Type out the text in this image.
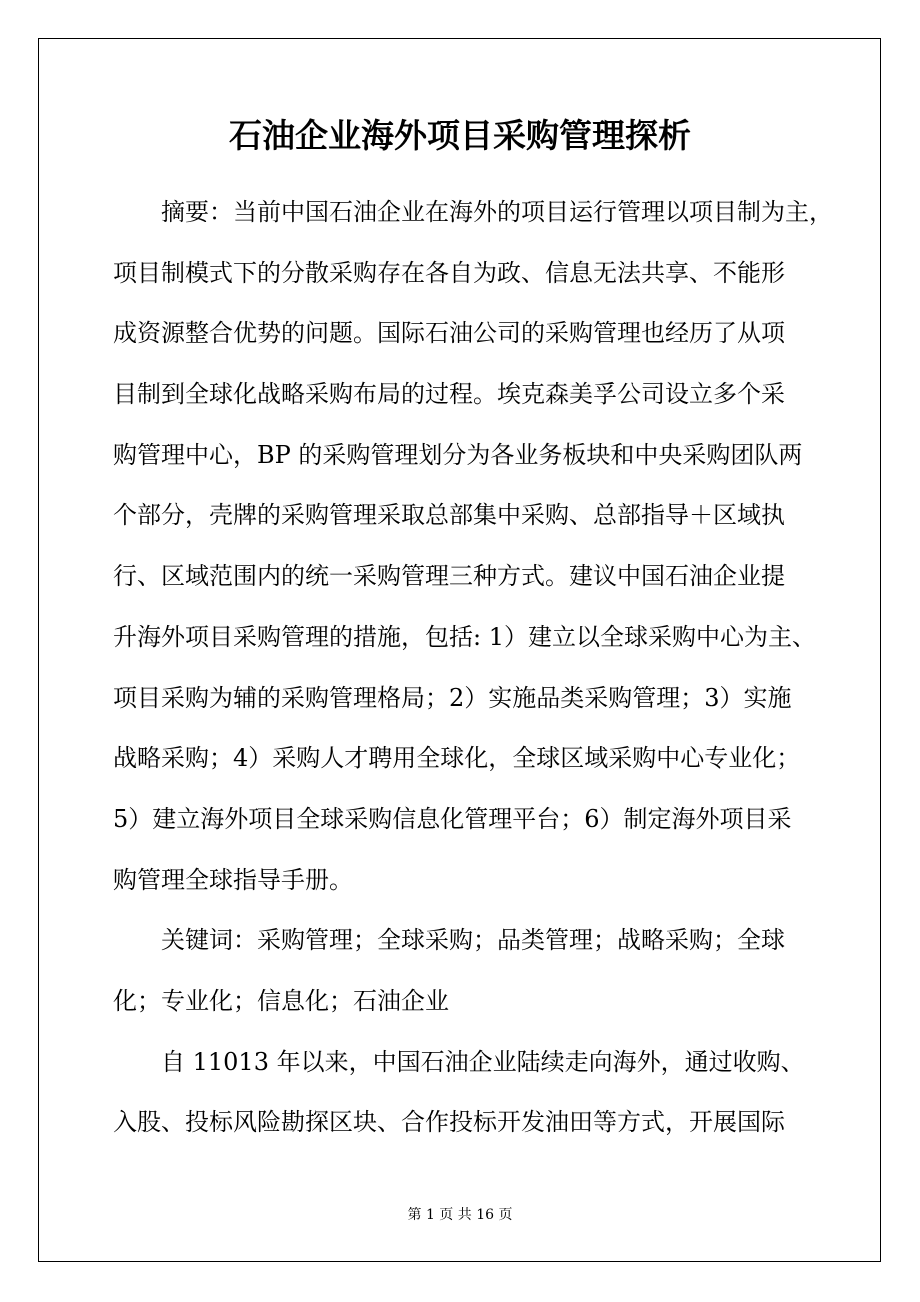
石油企业海外项目采购管理探析
摘要：当前中国石油企业在海外的项目运行管理以项目制为主，
项目制模式下的分散采购存在各自为政、信息无法共享、不能形
成资源整合优势的问题。国际石油公司的采购管理也经历了从项
目制到全球化战略采购布局的过程。埃克森美孚公司设立多个采
购管理中心，BP 的采购管理划分为各业务板块和中央采购团队两
个部分，壳牌的采购管理采取总部集中采购、总部指导＋区域执
行、区域范围内的统一采购管理三种方式。建议中国石油企业提
升海外项目采购管理的措施，包括: 1）建立以全球采购中心为主、
项目采购为辅的采购管理格局；2）实施品类采购管理；3）实施
战略采购；4）采购人才聘用全球化，全球区域采购中心专业化；
5）建立海外项目全球采购信息化管理平台；6）制定海外项目采
购管理全球指导手册。
关键词：采购管理；全球采购；品类管理；战略采购；全球
化；专业化；信息化；石油企业
自 11013 年以来，中国石油企业陆续走向海外，通过收购、
入股、投标风险勘探区块、合作投标开发油田等方式，开展国际
第 1 页 共 16 页
